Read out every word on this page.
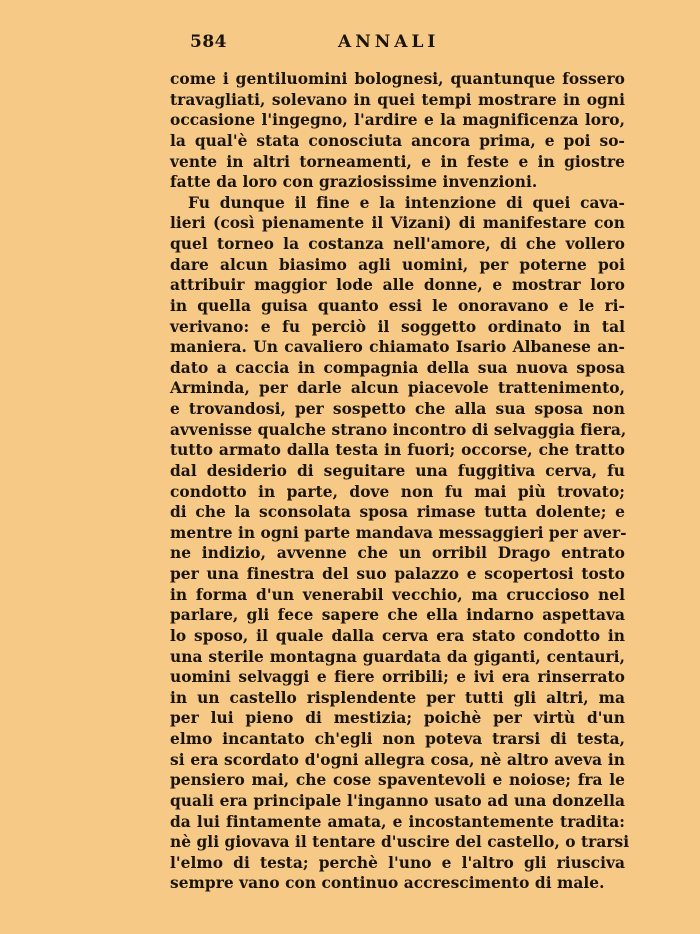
584	ANNALI
come i gentiluomini bolognesi, quantunque fossero
travagliati, solevano in quei tempi mostrare in ogni
occasione l'ingegno, l'ardire e la magnificenza loro,
la qual'è stata conosciuta ancora prima, e poi so-
vente in altri torneamenti, e in feste e in giostre
fatte da loro con graziosissime invenzioni.
Fu dunque il fine e la intenzione di quei cava-
lieri (così pienamente il Vizani) di manifestare con
quel torneo la costanza nell'amore, di che vollero
dare alcun biasimo agli uomini, per poterne poi
attribuir maggior lode alle donne, e mostrar loro
in quella guisa quanto essi le onoravano e le ri-
verivano: e fu perciò il soggetto ordinato in tal
maniera. Un cavaliero chiamato Isario Albanese an-
dato a caccia in compagnia della sua nuova sposa
Arminda, per darle alcun piacevole trattenimento,
e trovandosi, per sospetto che alla sua sposa non
avvenisse qualche strano incontro di selvaggia fiera,
tutto armato dalla testa in fuori; occorse, che tratto
dal desiderio di seguitare una fuggitiva cerva, fu
condotto in parte, dove non fu mai più trovato;
di che la sconsolata sposa rimase tutta dolente; e
mentre in ogni parte mandava messaggieri per aver-
ne indizio, avvenne che un orribil Drago entrato
per una finestra del suo palazzo e scopertosi tosto
in forma d'un venerabil vecchio, ma cruccioso nel
parlare, gli fece sapere che ella indarno aspettava
lo sposo, il quale dalla cerva era stato condotto in
una sterile montagna guardata da giganti, centauri,
uomini selvaggi e fiere orribili; e ivi era rinserrato
in un castello risplendente per tutti gli altri, ma
per lui pieno di mestizia; poichè per virtù d'un
elmo incantato ch'egli non poteva trarsi di testa,
si era scordato d'ogni allegra cosa, nè altro aveva in
pensiero mai, che cose spaventevoli e noiose; fra le
quali era principale l'inganno usato ad una donzella
da lui fintamente amata, e incostantemente tradita:
nè gli giovava il tentare d'uscire del castello, o trarsi
l'elmo di testa; perchè l'uno e l'altro gli riusciva
sempre vano con continuo accrescimento di male.
